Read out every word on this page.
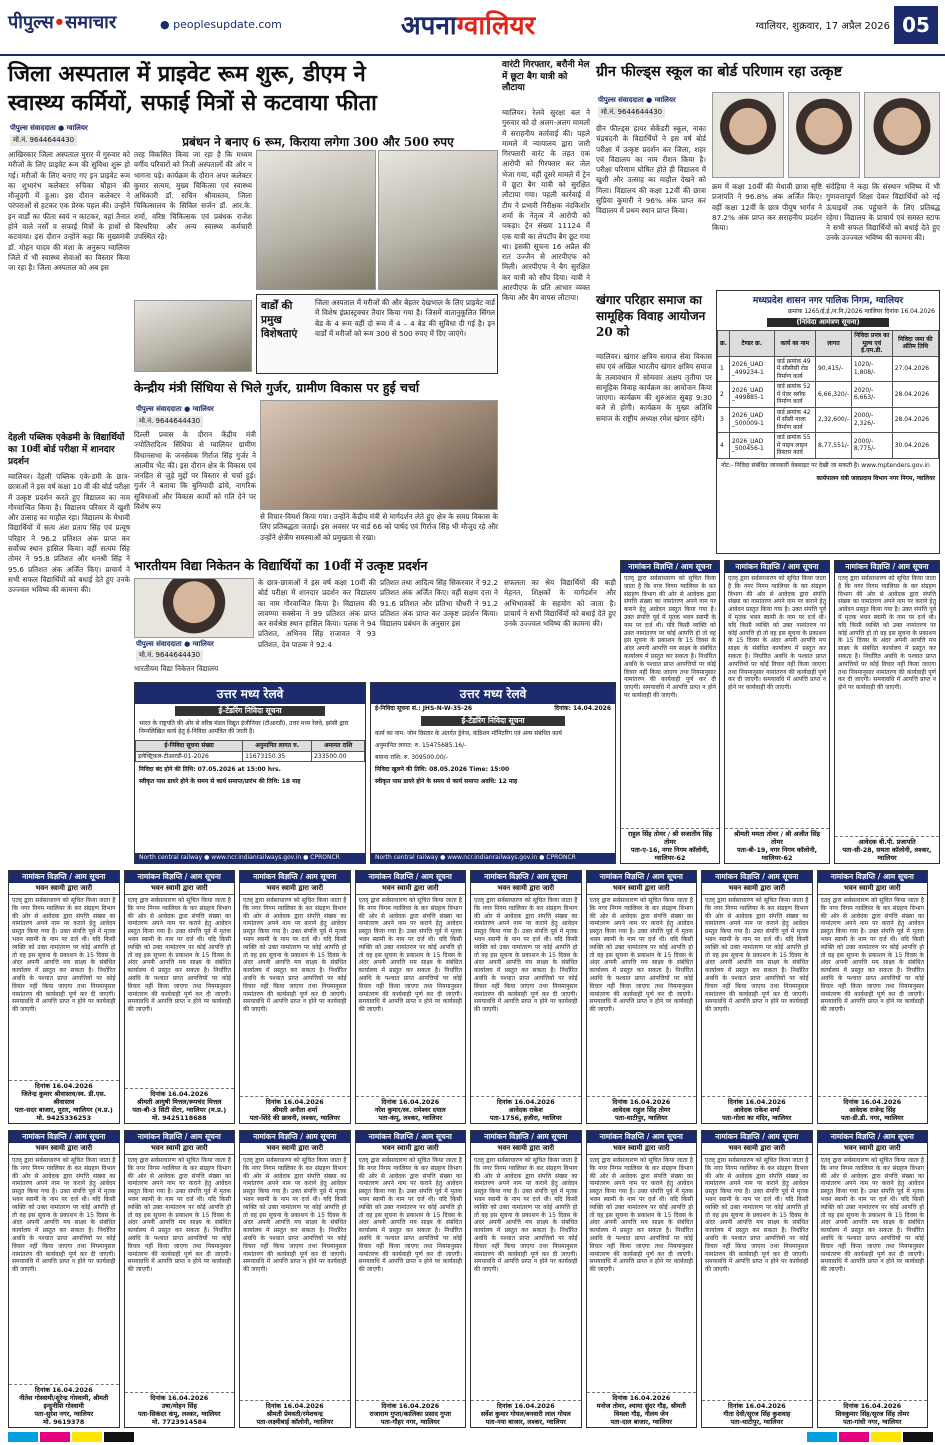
पीपुल्स•समाचार	● peoplesupdate.com	अपनाग्वालियर	ग्वालियर, शुक्रवार, 17 अप्रैल 2026 05
जिला अस्पताल में प्राइवेट रूम शुरू, डीएम ने
स्वास्थ्य कर्मियों, सफाई मित्रों से कटवाया फीता
पीपुल्स संवाददाता ● ग्वालियर
मो.नं. 9644644430	प्रबंधन ने बनाए 6 रूम, किराया लगेगा 300 और 500 रुपए
आखिरकार जिला अस्पताल मुरार में गुरुवार को मरीजों के लिए प्राइवेट रूम की सुविधा शुरू हो गई। मरीजों के लिए बनाए गए इन प्राइवेट रूम का शुभारंभ कलेक्टर रुचिका चौहान की मौजूदगी में हुआ। इस दौरान कलेक्टर ने परंपराओं से हटकर एक प्रेरक पहल की। उन्होंने इन वार्डों का फीता स्वयं न काटकर, वहां तैनात होने वाले नर्सों व सफाई मित्रों के हाथों से कटवाया। इस दौरान उन्होंने कहा कि मुख्यमंत्री डॉ. मोहन यादव की मंशा के अनुरूप ग्वालियर जिले में भी स्वास्थ्य सेवाओं का विस्तार किया जा रहा है। जिला अस्पताल को अब इस
तरह विकसित किया जा रहा है कि मध्यम वर्गीय परिवारों को निजी अस्पतालों की ओर न भागना पड़े। कार्यक्रम के दौरान अपर कलेक्टर कुमार सत्यम, मुख्य चिकित्सा एवं स्वास्थ्य अधिकारी डॉ. सचिन श्रीवास्तव, जिला चिकित्सालय के सिविल सर्जन डॉ. आर.के. शर्मा, वरिष्ठ चिकित्सक एवं प्रबंधक राजेश बिरथरिया और अन्य स्वास्थ्य कर्मचारी उपस्थित रहे।
वार्डों की प्रमुख विशेषताएं
जिला अस्पताल में मरीजों की और बेहतर देखभाल के लिए प्राइवेट वार्ड में विशेष इंफ्रास्ट्रक्चर तैयार किया गया है। जिसमें वातानुकूलित सिंगल बेड के 4 रूम वहीं दो रूम में 4 – 4 बेड की सुविधा दी गई है। इन वार्डों में मरीजों को रूम 300 से 500 रुपए में दिए जाएंगे।
देहली पब्लिक एकेडमी के विद्यार्थियों का 10वीं बोर्ड परीक्षा में शानदार प्रदर्शन
ग्वालियर। देहली पब्लिक एके-डमी के छात्र-छात्राओं ने इस वर्ष कक्षा 10 वीं की बोर्ड परीक्षा में उत्कृष्ट प्रदर्शन करते हुए विद्यालय का नाम गौरवान्वित किया है। विद्यालय परिवार में खुशी और उत्साह का माहौल रहा। विद्यालय के मेधावी विद्यार्थियों में सत्य अंश प्रताप सिंह एवं प्रत्यूष परिहार ने 96.2 प्रतिशत अंक प्राप्त कर सर्वोच्च स्थान हासिल किया। वहीं सत्यम सिंह तोमर ने 95.8 प्रतिशत और धनश्री सिंह ने 95.6 प्रतिशत अंक अर्जित किए। प्राचार्य ने सभी सफल विद्यार्थियों को बधाई देते हुए उनके उज्ज्वल भविष्य की कामना की।
केन्द्रीय मंत्री सिंधिया से भिले गुर्जर, ग्रामीण विकास पर हुई चर्चा
पीपुल्स संवाददाता ● ग्वालियर
मो.नं. 9644644430
दिल्ली प्रवास के दौरान केंद्रीय मंत्री ज्योतिरादित्य सिंधिया से ग्वालियर ग्रामीण विधानसभा के जनसेवक गिर्राज सिंह गुर्जर ने आत्मीय भेंट की। इस दौरान क्षेत्र के विकास एवं जनहित से जुड़े मुद्दों पर विस्तार से चर्चा हुई। गुर्जर ने बताया कि बुनियादी ढांचे, नागरिक सुविधाओं और विकास कार्यों को गति देने पर विशेष रूप
से विचार-विमर्श किया गया। उन्होंने केंद्रीय मंत्री से मार्गदर्शन लेते हुए क्षेत्र के समग्र विकास के लिए प्रतिबद्धता जताई। इस अवसर पर वार्ड 66 को पार्षद एवं गिर्राज सिंह भी मौजूद रहे और उन्होंने क्षेत्रीय समस्याओं को प्रमुखता से रखा।
भारतीयम विद्या निकेतन के विद्यार्थियों का 10वीं में उत्कृष्ट प्रदर्शन
पीपुल्स संवाददाता ● ग्वालियर
मो.नं. 9644644430
भारतीयम विद्या निकेतन विद्यालय
के छात्र-छात्राओं ने इस वर्ष कक्षा 10वीं की बोर्ड परीक्षा में शानदार प्रदर्शन कर विद्यालय का नाम गौरवान्वित किया है। विद्यालय की लावण्या सक्सेना ने 99 प्रतिशत अंक प्राप्त कर सर्वश्रेष्ठ स्थान हासिल किया। पलक ने 94 प्रतिशत, अभिनव सिंह राजावत ने 93 प्रतिशत, देव पाठक ने 92.4
प्रतिशत तथा आदित्य सिंह सिकरवार ने 92.2 प्रतिशत अंक अर्जित किए। वहीं सक्षम दत्ता ने 91.6 प्रतिशत और प्रतिभा चौधरी ने 91.2 प्रतिशत अंक प्राप्त कर उत्कृष्ट प्रदर्शन किया। विद्यालय प्रबंधन के अनुसार इस
सफलता का श्रेय विद्यार्थियों की कड़ी मेहनत, शिक्षकों के मार्गदर्शन और अभिभावकों के सहयोग को जाता है। प्राचार्य ने सभी विद्यार्थियों को बधाई देते हुए उनके उज्ज्वल भविष्य की कामना की।
उत्तर मध्य रेलवे
ई-टेंडरिंग निविदा सूचना
भारत के राष्ट्रपति की ओर से वरिष्ठ मंडल विद्युत इंजीनियर (टीआरडी), उत्तर मध्य रेलवे, झांसी द्वारा निम्नलिखित कार्य हेतु ई-निविदा आमंत्रित की जाती है।
ई-निविदा सूचना संख्या	अनुमानित लागत रु.	अमानत राशि
इलेक्ट्रिकल-टीआरडी-01-2026	11673150.35	233500.00
निविदा बंद होने की तिथि: 07.05.2026 at 15:00 hrs.
स्वीकृत पास डायरे होने के समय से कार्य समाप्त/प्रारंभ की तिथि: 18 माह
North central railway ● www.ncr.indianrailways.gov.in ● CPRONCR
उत्तर मध्य रेलवे
ई-निविदा सूचना सं.: JHS-N-W-35-26	दिनांक: 14.04.2026
ई-टेंडरिंग निविदा सूचना
कार्य का नाम: जोन विस्तार के अंतर्गत ड्रेनेज, कंडिशन मॉनिटरिंग एवं अन्य संबंधित कार्य
अनुमानित लागत: रु. 15475685.16/-
बयाना राशि: रु. 309500.00/-
निविदा खुलने की तिथि: 08.05.2026 Time: 15:00
स्वीकृत पास डायरे होने के समय से कार्य समाप्त अवधि: 12 माह
North central railway ● www.ncr.indianrailways.gov.in ● CPRONCR
वारंटी गिरफ्तार, बरौनी मेल में छूटा बैग यात्री को लौटाया
ग्वालियर। रेलवे सुरक्षा बल ने गुरुवार को दो अलग-अलग मामलों में सराहनीय कार्रवाई की। पहले मामले में न्यायालय द्वारा जारी गिरफ्तारी वारंट के तहत एक आरोपी को गिरफ्तार कर जेल भेजा गया, वहीं दूसरे मामले में ट्रेन में छूटा बैग यात्री को सुरक्षित लौटाया गया। पहली कार्रवाई में टीम ने प्रभारी निरीक्षक नंदकिशोर शर्मा के नेतृत्व में आरोपी को पकड़ा। ट्रेन संख्या 11124 में एक यात्री का लेपटॉप बैग छूट गया था। इसकी सूचना 16 अप्रैल की रात उज्जैन से आरपीएफ को मिली। आरपीएफ ने बैग सुरक्षित कर यात्री को सौंप दिया। यात्री ने आरपीएफ के प्रति आभार व्यक्त किया और बैग वापस लौटाया।
ग्रीन फील्ड्स स्कूल का बोर्ड परिणाम रहा उत्कृष्ट
पीपुल्स संवाददाता ● ग्वालियर
मो.नं. 9644644430
ग्रीन फील्ड्स हायर सेकेंडरी स्कूल, नाका चंद्रबदनी के विद्यार्थियों ने इस वर्ष बोर्ड परीक्षा में उत्कृष्ट प्रदर्शन कर जिला, शहर एवं विद्यालय का नाम रौशन किया है। परीक्षा परिणाम घोषित होते ही विद्यालय में खुशी और उत्साह का माहौल देखने को मिला। विद्यालय की कक्षा 12वीं की छात्रा सुप्रिया कुमारी ने 96% अंक प्राप्त कर विद्यालय में प्रथम स्थान प्राप्त किया।
क्रम में कक्षा 10वीं की मेधावी छात्रा सृष्टि प्रजापति ने 96.8% अंक अर्जित किए। वहीं कक्षा 12वीं के छात्र पीयूष भार्गव ने 87.2% अंक प्राप्त कर सराहनीय प्रदर्शन किया।
संदेहिया ने कहा कि संस्थान भविष्य में भी गुणवत्तापूर्ण शिक्षा देकर विद्यार्थियों को नई ऊंचाइयों तक पहुंचाने के लिए प्रतिबद्ध रहेगा। विद्यालय के प्राचार्य एवं समस्त स्टाफ ने सभी सफल विद्यार्थियों को बधाई देते हुए उनके उज्ज्वल भविष्य की कामना की।
खंगार परिहार समाज का सामूहिक विवाह आयोजन 20 को
ग्वालियर। खंगार क्षत्रिय समाज सेवा विकास संघ एवं अखिल भारतीय खंगार क्षत्रिय समाज के तत्वावधान में सोमवार अक्षय तृतीया पर सामूहिक विवाह कार्यक्रम का आयोजन किया जाएगा। कार्यक्रम की शुरुआत सुबह 9:30 बजे से होगी। कार्यक्रम के मुख्य अतिथि समाज के राष्ट्रीय अध्यक्ष रमेश खंगार रहेंगे।
मध्यप्रदेश शासन नगर पालिक निगम, ग्वालियर
क्रमांक 1265/ई.ई./न.नि./2026 ग्वालियर दिनांक 16.04.2026
(निविदा आमंत्रण सूचना)
क्र.	टेण्डर क्र.	कार्य का नाम	लागत	निविदा प्रपत्र का मूल्य एवं ई.एम.डी.	निविदा जमा की अंतिम तिथि
1	2026_UAD _499234-1	वार्ड क्रमांक 49 में सीसीसी रोड निर्माण कार्य	90,415/-	1020/- 1,808/-	27.04.2026
2	2026_UAD _499885-1	वार्ड क्रमांक 52 में पेवर ब्लॉक निर्माण कार्य	6,66,320/-	2020/- 6,663/-	28.04.2026
3	2026_UAD _500009-1	वार्ड क्रमांक 42 में सीसी नाला निर्माण कार्य	2,32,600/-	2000/- 2,326/-	28.04.2026
4	2026_UAD _500456-1	वार्ड क्रमांक 55 में पाइप लाइन विस्तार कार्य	8,77,551/-	2000/- 8,775/-	30.04.2026
नोट:- निविदा संबंधित जानकारी वेबसाइट पर देखी जा सकती है। www.mptenders.gov.in
कार्यपालन यंत्री जलप्रदाय विभाग नगर निगम, ग्वालियर
नामांकन विज्ञप्ति / आम सूचना
एतद् द्वारा सर्वसाधारण को सूचित किया जाता है कि नगर निगम ग्वालियर के कर संग्रहण विभाग की ओर से आवेदक द्वारा संपत्ति संख्या का नामांतरण अपने नाम पर कराने हेतु आवेदन प्रस्तुत किया गया है। उक्त संपत्ति पूर्व में मृतक भवन स्वामी के नाम पर दर्ज थी। यदि किसी व्यक्ति को उक्त नामांतरण पर कोई आपत्ति हो तो वह इस सूचना के प्रकाशन के 15 दिवस के अंदर अपनी आपत्ति मय साक्ष्य के संबंधित कार्यालय में प्रस्तुत कर सकता है। निर्धारित अवधि के पश्चात प्राप्त आपत्तियों पर कोई विचार नहीं किया जाएगा तथा नियमानुसार नामांतरण की कार्यवाही पूर्ण कर दी जाएगी। समयावधि में आपत्ति प्राप्त न होने पर कार्यवाही की जाएगी।
राहुल सिंह तोमर / श्री सजातीय सिंह तोमर
पता-ए-16, नगर निगम कॉलोनी, ग्वालियर-62
नामांकन विज्ञप्ति / आम सूचना
एतद् द्वारा सर्वसाधारण को सूचित किया जाता है कि नगर निगम ग्वालियर के कर संग्रहण विभाग की ओर से आवेदक द्वारा संपत्ति संख्या का नामांतरण अपने नाम पर कराने हेतु आवेदन प्रस्तुत किया गया है। उक्त संपत्ति पूर्व में मृतक भवन स्वामी के नाम पर दर्ज थी। यदि किसी व्यक्ति को उक्त नामांतरण पर कोई आपत्ति हो तो वह इस सूचना के प्रकाशन के 15 दिवस के अंदर अपनी आपत्ति मय साक्ष्य के संबंधित कार्यालय में प्रस्तुत कर सकता है। निर्धारित अवधि के पश्चात प्राप्त आपत्तियों पर कोई विचार नहीं किया जाएगा तथा नियमानुसार नामांतरण की कार्यवाही पूर्ण कर दी जाएगी। समयावधि में आपत्ति प्राप्त न होने पर कार्यवाही की जाएगी।
श्रीमती ममता तोमर / श्री अजीत सिंह तोमर
पता-बी-19, नगर निगम कॉलोनी, ग्वालियर-62
नामांकन विज्ञप्ति / आम सूचना
एतद् द्वारा सर्वसाधारण को सूचित किया जाता है कि नगर निगम ग्वालियर के कर संग्रहण विभाग की ओर से आवेदक द्वारा संपत्ति संख्या का नामांतरण अपने नाम पर कराने हेतु आवेदन प्रस्तुत किया गया है। उक्त संपत्ति पूर्व में मृतक भवन स्वामी के नाम पर दर्ज थी। यदि किसी व्यक्ति को उक्त नामांतरण पर कोई आपत्ति हो तो वह इस सूचना के प्रकाशन के 15 दिवस के अंदर अपनी आपत्ति मय साक्ष्य के संबंधित कार्यालय में प्रस्तुत कर सकता है। निर्धारित अवधि के पश्चात प्राप्त आपत्तियों पर कोई विचार नहीं किया जाएगा तथा नियमानुसार नामांतरण की कार्यवाही पूर्ण कर दी जाएगी। समयावधि में आपत्ति प्राप्त न होने पर कार्यवाही की जाएगी।
आवेदक बी.पी. प्रजापति
पता-सी-28, समता कॉलोनी, लश्कर, ग्वालियर
नामांकन विज्ञप्ति / आम सूचना
भवन स्वामी द्वारा जारी
एतद् द्वारा सर्वसाधारण को सूचित किया जाता है कि नगर निगम ग्वालियर के कर संग्रहण विभाग की ओर से आवेदक द्वारा संपत्ति संख्या का नामांतरण अपने नाम पर कराने हेतु आवेदन प्रस्तुत किया गया है। उक्त संपत्ति पूर्व में मृतक भवन स्वामी के नाम पर दर्ज थी। यदि किसी व्यक्ति को उक्त नामांतरण पर कोई आपत्ति हो तो वह इस सूचना के प्रकाशन के 15 दिवस के अंदर अपनी आपत्ति मय साक्ष्य के संबंधित कार्यालय में प्रस्तुत कर सकता है। निर्धारित अवधि के पश्चात प्राप्त आपत्तियों पर कोई विचार नहीं किया जाएगा तथा नियमानुसार नामांतरण की कार्यवाही पूर्ण कर दी जाएगी। समयावधि में आपत्ति प्राप्त न होने पर कार्यवाही की जाएगी।
दिनांक 16.04.2026
जितेन्द्र कुमार श्रीवास्तव/स्व. डी.एस. श्रीवास्तव
पता-सदर बाजार, मुरार, ग्वालियर (म.प्र.)
मो. 9425336253
नामांकन विज्ञप्ति / आम सूचना
भवन स्वामी द्वारा जारी
एतद् द्वारा सर्वसाधारण को सूचित किया जाता है कि नगर निगम ग्वालियर के कर संग्रहण विभाग की ओर से आवेदक द्वारा संपत्ति संख्या का नामांतरण अपने नाम पर कराने हेतु आवेदन प्रस्तुत किया गया है। उक्त संपत्ति पूर्व में मृतक भवन स्वामी के नाम पर दर्ज थी। यदि किसी व्यक्ति को उक्त नामांतरण पर कोई आपत्ति हो तो वह इस सूचना के प्रकाशन के 15 दिवस के अंदर अपनी आपत्ति मय साक्ष्य के संबंधित कार्यालय में प्रस्तुत कर सकता है। निर्धारित अवधि के पश्चात प्राप्त आपत्तियों पर कोई विचार नहीं किया जाएगा तथा नियमानुसार नामांतरण की कार्यवाही पूर्ण कर दी जाएगी। समयावधि में आपत्ति प्राप्त न होने पर कार्यवाही की जाएगी।
दिनांक 16.04.2026
श्रीमती आयुषी मित्तल/रूपचंद मित्तल
पता-बी-3 सिटी सेंटर, ग्वालियर (म.प्र.)
मो. 9425118688
नामांकन विज्ञप्ति / आम सूचना
भवन स्वामी द्वारा जारी
एतद् द्वारा सर्वसाधारण को सूचित किया जाता है कि नगर निगम ग्वालियर के कर संग्रहण विभाग की ओर से आवेदक द्वारा संपत्ति संख्या का नामांतरण अपने नाम पर कराने हेतु आवेदन प्रस्तुत किया गया है। उक्त संपत्ति पूर्व में मृतक भवन स्वामी के नाम पर दर्ज थी। यदि किसी व्यक्ति को उक्त नामांतरण पर कोई आपत्ति हो तो वह इस सूचना के प्रकाशन के 15 दिवस के अंदर अपनी आपत्ति मय साक्ष्य के संबंधित कार्यालय में प्रस्तुत कर सकता है। निर्धारित अवधि के पश्चात प्राप्त आपत्तियों पर कोई विचार नहीं किया जाएगा तथा नियमानुसार नामांतरण की कार्यवाही पूर्ण कर दी जाएगी। समयावधि में आपत्ति प्राप्त न होने पर कार्यवाही की जाएगी।
दिनांक 16.04.2026
श्रीमती अनीता शर्मा
पता-शिंदे की छावनी, लश्कर, ग्वालियर
नामांकन विज्ञप्ति / आम सूचना
भवन स्वामी द्वारा जारी
एतद् द्वारा सर्वसाधारण को सूचित किया जाता है कि नगर निगम ग्वालियर के कर संग्रहण विभाग की ओर से आवेदक द्वारा संपत्ति संख्या का नामांतरण अपने नाम पर कराने हेतु आवेदन प्रस्तुत किया गया है। उक्त संपत्ति पूर्व में मृतक भवन स्वामी के नाम पर दर्ज थी। यदि किसी व्यक्ति को उक्त नामांतरण पर कोई आपत्ति हो तो वह इस सूचना के प्रकाशन के 15 दिवस के अंदर अपनी आपत्ति मय साक्ष्य के संबंधित कार्यालय में प्रस्तुत कर सकता है। निर्धारित अवधि के पश्चात प्राप्त आपत्तियों पर कोई विचार नहीं किया जाएगा तथा नियमानुसार नामांतरण की कार्यवाही पूर्ण कर दी जाएगी। समयावधि में आपत्ति प्राप्त न होने पर कार्यवाही की जाएगी।
दिनांक 16.04.2026
नरेश कुमार/स्व. रामेश्वर दयाल
पता-कंपू, लश्कर, ग्वालियर
नामांकन विज्ञप्ति / आम सूचना
भवन स्वामी द्वारा जारी
एतद् द्वारा सर्वसाधारण को सूचित किया जाता है कि नगर निगम ग्वालियर के कर संग्रहण विभाग की ओर से आवेदक द्वारा संपत्ति संख्या का नामांतरण अपने नाम पर कराने हेतु आवेदन प्रस्तुत किया गया है। उक्त संपत्ति पूर्व में मृतक भवन स्वामी के नाम पर दर्ज थी। यदि किसी व्यक्ति को उक्त नामांतरण पर कोई आपत्ति हो तो वह इस सूचना के प्रकाशन के 15 दिवस के अंदर अपनी आपत्ति मय साक्ष्य के संबंधित कार्यालय में प्रस्तुत कर सकता है। निर्धारित अवधि के पश्चात प्राप्त आपत्तियों पर कोई विचार नहीं किया जाएगा तथा नियमानुसार नामांतरण की कार्यवाही पूर्ण कर दी जाएगी। समयावधि में आपत्ति प्राप्त न होने पर कार्यवाही की जाएगी।
दिनांक 16.04.2026
आवेदक राकेश
पता-1756, हजीरा, ग्वालियर
नामांकन विज्ञप्ति / आम सूचना
भवन स्वामी द्वारा जारी
एतद् द्वारा सर्वसाधारण को सूचित किया जाता है कि नगर निगम ग्वालियर के कर संग्रहण विभाग की ओर से आवेदक द्वारा संपत्ति संख्या का नामांतरण अपने नाम पर कराने हेतु आवेदन प्रस्तुत किया गया है। उक्त संपत्ति पूर्व में मृतक भवन स्वामी के नाम पर दर्ज थी। यदि किसी व्यक्ति को उक्त नामांतरण पर कोई आपत्ति हो तो वह इस सूचना के प्रकाशन के 15 दिवस के अंदर अपनी आपत्ति मय साक्ष्य के संबंधित कार्यालय में प्रस्तुत कर सकता है। निर्धारित अवधि के पश्चात प्राप्त आपत्तियों पर कोई विचार नहीं किया जाएगा तथा नियमानुसार नामांतरण की कार्यवाही पूर्ण कर दी जाएगी। समयावधि में आपत्ति प्राप्त न होने पर कार्यवाही की जाएगी।
दिनांक 16.04.2026
आवेदक राहुल सिंह तोमर
पता-थाटीपुर, ग्वालियर
नामांकन विज्ञप्ति / आम सूचना
भवन स्वामी द्वारा जारी
एतद् द्वारा सर्वसाधारण को सूचित किया जाता है कि नगर निगम ग्वालियर के कर संग्रहण विभाग की ओर से आवेदक द्वारा संपत्ति संख्या का नामांतरण अपने नाम पर कराने हेतु आवेदन प्रस्तुत किया गया है। उक्त संपत्ति पूर्व में मृतक भवन स्वामी के नाम पर दर्ज थी। यदि किसी व्यक्ति को उक्त नामांतरण पर कोई आपत्ति हो तो वह इस सूचना के प्रकाशन के 15 दिवस के अंदर अपनी आपत्ति मय साक्ष्य के संबंधित कार्यालय में प्रस्तुत कर सकता है। निर्धारित अवधि के पश्चात प्राप्त आपत्तियों पर कोई विचार नहीं किया जाएगा तथा नियमानुसार नामांतरण की कार्यवाही पूर्ण कर दी जाएगी। समयावधि में आपत्ति प्राप्त न होने पर कार्यवाही की जाएगी।
दिनांक 16.04.2026
आवेदक राकेश शर्मा
पता-गोला का मंदिर, ग्वालियर
नामांकन विज्ञप्ति / आम सूचना
भवन स्वामी द्वारा जारी
एतद् द्वारा सर्वसाधारण को सूचित किया जाता है कि नगर निगम ग्वालियर के कर संग्रहण विभाग की ओर से आवेदक द्वारा संपत्ति संख्या का नामांतरण अपने नाम पर कराने हेतु आवेदन प्रस्तुत किया गया है। उक्त संपत्ति पूर्व में मृतक भवन स्वामी के नाम पर दर्ज थी। यदि किसी व्यक्ति को उक्त नामांतरण पर कोई आपत्ति हो तो वह इस सूचना के प्रकाशन के 15 दिवस के अंदर अपनी आपत्ति मय साक्ष्य के संबंधित कार्यालय में प्रस्तुत कर सकता है। निर्धारित अवधि के पश्चात प्राप्त आपत्तियों पर कोई विचार नहीं किया जाएगा तथा नियमानुसार नामांतरण की कार्यवाही पूर्ण कर दी जाएगी। समयावधि में आपत्ति प्राप्त न होने पर कार्यवाही की जाएगी।
दिनांक 16.04.2026
आवेदक राजेन्द्र सिंह
पता-डी.डी. नगर, ग्वालियर
नामांकन विज्ञप्ति / आम सूचना
भवन स्वामी द्वारा जारी
एतद् द्वारा सर्वसाधारण को सूचित किया जाता है कि नगर निगम ग्वालियर के कर संग्रहण विभाग की ओर से आवेदक द्वारा संपत्ति संख्या का नामांतरण अपने नाम पर कराने हेतु आवेदन प्रस्तुत किया गया है। उक्त संपत्ति पूर्व में मृतक भवन स्वामी के नाम पर दर्ज थी। यदि किसी व्यक्ति को उक्त नामांतरण पर कोई आपत्ति हो तो वह इस सूचना के प्रकाशन के 15 दिवस के अंदर अपनी आपत्ति मय साक्ष्य के संबंधित कार्यालय में प्रस्तुत कर सकता है। निर्धारित अवधि के पश्चात प्राप्त आपत्तियों पर कोई विचार नहीं किया जाएगा तथा नियमानुसार नामांतरण की कार्यवाही पूर्ण कर दी जाएगी। समयावधि में आपत्ति प्राप्त न होने पर कार्यवाही की जाएगी।
दिनांक 16.04.2026
नीतेश गोस्वामी/शुरेन्द्र गोस्वामी, श्रीमती इन्दुनीशि गोस्वामी
पता-सुरेश नगर, ग्वालियर
मो. 9619378
नामांकन विज्ञप्ति / आम सूचना
भवन स्वामी द्वारा जारी
एतद् द्वारा सर्वसाधारण को सूचित किया जाता है कि नगर निगम ग्वालियर के कर संग्रहण विभाग की ओर से आवेदक द्वारा संपत्ति संख्या का नामांतरण अपने नाम पर कराने हेतु आवेदन प्रस्तुत किया गया है। उक्त संपत्ति पूर्व में मृतक भवन स्वामी के नाम पर दर्ज थी। यदि किसी व्यक्ति को उक्त नामांतरण पर कोई आपत्ति हो तो वह इस सूचना के प्रकाशन के 15 दिवस के अंदर अपनी आपत्ति मय साक्ष्य के संबंधित कार्यालय में प्रस्तुत कर सकता है। निर्धारित अवधि के पश्चात प्राप्त आपत्तियों पर कोई विचार नहीं किया जाएगा तथा नियमानुसार नामांतरण की कार्यवाही पूर्ण कर दी जाएगी। समयावधि में आपत्ति प्राप्त न होने पर कार्यवाही की जाएगी।
दिनांक 16.04.2026
उषा/मोहन सिंह
पता-सिकंदर कंपू, लश्कर, ग्वालियर
मो. 7723914584
नामांकन विज्ञप्ति / आम सूचना
भवन स्वामी द्वारा जारी
एतद् द्वारा सर्वसाधारण को सूचित किया जाता है कि नगर निगम ग्वालियर के कर संग्रहण विभाग की ओर से आवेदक द्वारा संपत्ति संख्या का नामांतरण अपने नाम पर कराने हेतु आवेदन प्रस्तुत किया गया है। उक्त संपत्ति पूर्व में मृतक भवन स्वामी के नाम पर दर्ज थी। यदि किसी व्यक्ति को उक्त नामांतरण पर कोई आपत्ति हो तो वह इस सूचना के प्रकाशन के 15 दिवस के अंदर अपनी आपत्ति मय साक्ष्य के संबंधित कार्यालय में प्रस्तुत कर सकता है। निर्धारित अवधि के पश्चात प्राप्त आपत्तियों पर कोई विचार नहीं किया जाएगा तथा नियमानुसार नामांतरण की कार्यवाही पूर्ण कर दी जाएगी। समयावधि में आपत्ति प्राप्त न होने पर कार्यवाही की जाएगी।
दिनांक 16.04.2026
श्रीमती प्रेमवती/रमेशचन्द्र
पता-लक्ष्मीबाई कॉलोनी, ग्वालियर
नामांकन विज्ञप्ति / आम सूचना
भवन स्वामी द्वारा जारी
एतद् द्वारा सर्वसाधारण को सूचित किया जाता है कि नगर निगम ग्वालियर के कर संग्रहण विभाग की ओर से आवेदक द्वारा संपत्ति संख्या का नामांतरण अपने नाम पर कराने हेतु आवेदन प्रस्तुत किया गया है। उक्त संपत्ति पूर्व में मृतक भवन स्वामी के नाम पर दर्ज थी। यदि किसी व्यक्ति को उक्त नामांतरण पर कोई आपत्ति हो तो वह इस सूचना के प्रकाशन के 15 दिवस के अंदर अपनी आपत्ति मय साक्ष्य के संबंधित कार्यालय में प्रस्तुत कर सकता है। निर्धारित अवधि के पश्चात प्राप्त आपत्तियों पर कोई विचार नहीं किया जाएगा तथा नियमानुसार नामांतरण की कार्यवाही पूर्ण कर दी जाएगी। समयावधि में आपत्ति प्राप्त न होने पर कार्यवाही की जाएगी।
दिनांक 16.04.2026
राजाराम गुप्ता/कालिका प्रसाद गुप्ता
पता-गौहर नगर, ग्वालियर
नामांकन विज्ञप्ति / आम सूचना
भवन स्वामी द्वारा जारी
एतद् द्वारा सर्वसाधारण को सूचित किया जाता है कि नगर निगम ग्वालियर के कर संग्रहण विभाग की ओर से आवेदक द्वारा संपत्ति संख्या का नामांतरण अपने नाम पर कराने हेतु आवेदन प्रस्तुत किया गया है। उक्त संपत्ति पूर्व में मृतक भवन स्वामी के नाम पर दर्ज थी। यदि किसी व्यक्ति को उक्त नामांतरण पर कोई आपत्ति हो तो वह इस सूचना के प्रकाशन के 15 दिवस के अंदर अपनी आपत्ति मय साक्ष्य के संबंधित कार्यालय में प्रस्तुत कर सकता है। निर्धारित अवधि के पश्चात प्राप्त आपत्तियों पर कोई विचार नहीं किया जाएगा तथा नियमानुसार नामांतरण की कार्यवाही पूर्ण कर दी जाएगी। समयावधि में आपत्ति प्राप्त न होने पर कार्यवाही की जाएगी।
दिनांक 16.04.2026
सर्वेश कुमार गोयल/बनवारी लाल गोयल
पता-नया बाजार, लश्कर, ग्वालियर
नामांकन विज्ञप्ति / आम सूचना
भवन स्वामी द्वारा जारी
एतद् द्वारा सर्वसाधारण को सूचित किया जाता है कि नगर निगम ग्वालियर के कर संग्रहण विभाग की ओर से आवेदक द्वारा संपत्ति संख्या का नामांतरण अपने नाम पर कराने हेतु आवेदन प्रस्तुत किया गया है। उक्त संपत्ति पूर्व में मृतक भवन स्वामी के नाम पर दर्ज थी। यदि किसी व्यक्ति को उक्त नामांतरण पर कोई आपत्ति हो तो वह इस सूचना के प्रकाशन के 15 दिवस के अंदर अपनी आपत्ति मय साक्ष्य के संबंधित कार्यालय में प्रस्तुत कर सकता है। निर्धारित अवधि के पश्चात प्राप्त आपत्तियों पर कोई विचार नहीं किया जाएगा तथा नियमानुसार नामांतरण की कार्यवाही पूर्ण कर दी जाएगी। समयावधि में आपत्ति प्राप्त न होने पर कार्यवाही की जाएगी।
दिनांक 16.04.2026
मनोज तोमर, श्यामा सुंदर गौड़, श्रीमती विमला गौड़, नीलम जेन
पता-दाल बाजार, ग्वालियर
नामांकन विज्ञप्ति / आम सूचना
भवन स्वामी द्वारा जारी
एतद् द्वारा सर्वसाधारण को सूचित किया जाता है कि नगर निगम ग्वालियर के कर संग्रहण विभाग की ओर से आवेदक द्वारा संपत्ति संख्या का नामांतरण अपने नाम पर कराने हेतु आवेदन प्रस्तुत किया गया है। उक्त संपत्ति पूर्व में मृतक भवन स्वामी के नाम पर दर्ज थी। यदि किसी व्यक्ति को उक्त नामांतरण पर कोई आपत्ति हो तो वह इस सूचना के प्रकाशन के 15 दिवस के अंदर अपनी आपत्ति मय साक्ष्य के संबंधित कार्यालय में प्रस्तुत कर सकता है। निर्धारित अवधि के पश्चात प्राप्त आपत्तियों पर कोई विचार नहीं किया जाएगा तथा नियमानुसार नामांतरण की कार्यवाही पूर्ण कर दी जाएगी। समयावधि में आपत्ति प्राप्त न होने पर कार्यवाही की जाएगी।
दिनांक 16.04.2026
गीता देवी/सूरज सिंह कुशवाह
पता-थाटीपुर, ग्वालियर
नामांकन विज्ञप्ति / आम सूचना
भवन स्वामी द्वारा जारी
एतद् द्वारा सर्वसाधारण को सूचित किया जाता है कि नगर निगम ग्वालियर के कर संग्रहण विभाग की ओर से आवेदक द्वारा संपत्ति संख्या का नामांतरण अपने नाम पर कराने हेतु आवेदन प्रस्तुत किया गया है। उक्त संपत्ति पूर्व में मृतक भवन स्वामी के नाम पर दर्ज थी। यदि किसी व्यक्ति को उक्त नामांतरण पर कोई आपत्ति हो तो वह इस सूचना के प्रकाशन के 15 दिवस के अंदर अपनी आपत्ति मय साक्ष्य के संबंधित कार्यालय में प्रस्तुत कर सकता है। निर्धारित अवधि के पश्चात प्राप्त आपत्तियों पर कोई विचार नहीं किया जाएगा तथा नियमानुसार नामांतरण की कार्यवाही पूर्ण कर दी जाएगी। समयावधि में आपत्ति प्राप्त न होने पर कार्यवाही की जाएगी।
दिनांक 16.04.2026
शिवकुमार सिंह/सूरज सिंह तोमर
पता-गांधी नगर, ग्वालियर
